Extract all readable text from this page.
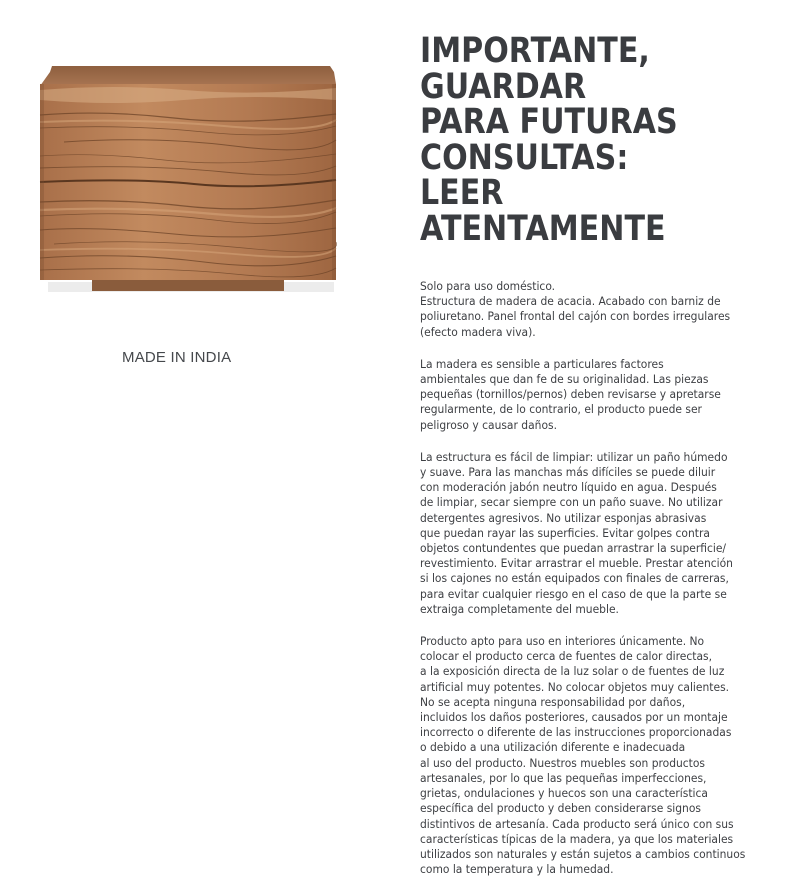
MADE IN INDIA
IMPORTANTE,
GUARDAR
PARA FUTURAS
CONSULTAS:
LEER
ATENTAMENTE

Solo para uso doméstico.
Estructura de madera de acacia. Acabado con barniz de
poliuretano. Panel frontal del cajón con bordes irregulares
(efecto madera viva).

La madera es sensible a particulares factores
ambientales que dan fe de su originalidad. Las piezas
pequeñas (tornillos/pernos) deben revisarse y apretarse
regularmente, de lo contrario, el producto puede ser
peligroso y causar daños.

La estructura es fácil de limpiar: utilizar un paño húmedo
y suave. Para las manchas más difíciles se puede diluir
con moderación jabón neutro líquido en agua. Después
de limpiar, secar siempre con un paño suave. No utilizar
detergentes agresivos. No utilizar esponjas abrasivas
que puedan rayar las superficies. Evitar golpes contra
objetos contundentes que puedan arrastrar la superficie/
revestimiento. Evitar arrastrar el mueble. Prestar atención
si los cajones no están equipados con finales de carreras,
para evitar cualquier riesgo en el caso de que la parte se
extraiga completamente del mueble.

Producto apto para uso en interiores únicamente. No
colocar el producto cerca de fuentes de calor directas,
a la exposición directa de la luz solar o de fuentes de luz
artificial muy potentes. No colocar objetos muy calientes.
No se acepta ninguna responsabilidad por daños,
incluidos los daños posteriores, causados por un montaje
incorrecto o diferente de las instrucciones proporcionadas
o debido a una utilización diferente e inadecuada
al uso del producto. Nuestros muebles son productos
artesanales, por lo que las pequeñas imperfecciones,
grietas, ondulaciones y huecos son una característica
específica del producto y deben considerarse signos
distintivos de artesanía. Cada producto será único con sus
características típicas de la madera, ya que los materiales
utilizados son naturales y están sujetos a cambios continuos
como la temperatura y la humedad.
